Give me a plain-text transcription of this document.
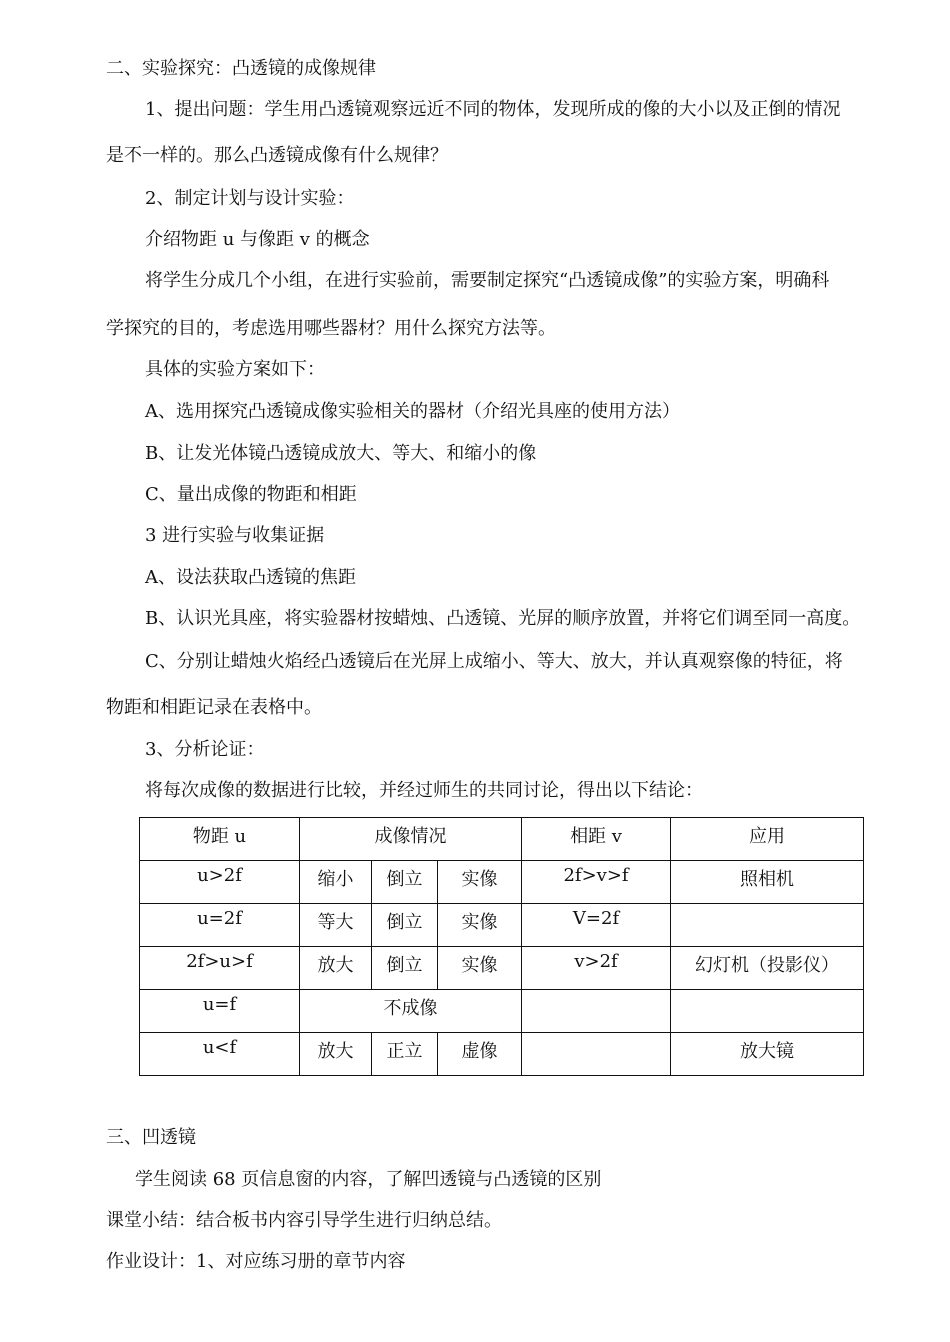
二、实验探究：凸透镜的成像规律
1、提出问题：学生用凸透镜观察远近不同的物体，发现所成的像的大小以及正倒的情况
是不一样的。那么凸透镜成像有什么规律？
2、制定计划与设计实验：
介绍物距 u 与像距 v 的概念
将学生分成几个小组，在进行实验前，需要制定探究“凸透镜成像”的实验方案，明确科
学探究的目的，考虑选用哪些器材？用什么探究方法等。
具体的实验方案如下：
A、选用探究凸透镜成像实验相关的器材（介绍光具座的使用方法）
B、让发光体镜凸透镜成放大、等大、和缩小的像
C、量出成像的物距和相距
3 进行实验与收集证据
A、设法获取凸透镜的焦距
B、认识光具座，将实验器材按蜡烛、凸透镜、光屏的顺序放置，并将它们调至同一高度。
C、分别让蜡烛火焰经凸透镜后在光屏上成缩小、等大、放大，并认真观察像的特征，将
物距和相距记录在表格中。
3、分析论证：
将每次成像的数据进行比较，并经过师生的共同讨论，得出以下结论：
物距 u	成像情况			相距 v	应用
u>2f	缩小	倒立	实像	2f>v>f	照相机
u=2f	等大	倒立	实像	V=2f	
2f>u>f	放大	倒立	实像	v>2f	幻灯机（投影仪）
u=f	不成像				
u<f	放大	正立	虚像		放大镜
三、凹透镜
学生阅读 68 页信息窗的内容，了解凹透镜与凸透镜的区别
课堂小结：结合板书内容引导学生进行归纳总结。
作业设计：1、对应练习册的章节内容
